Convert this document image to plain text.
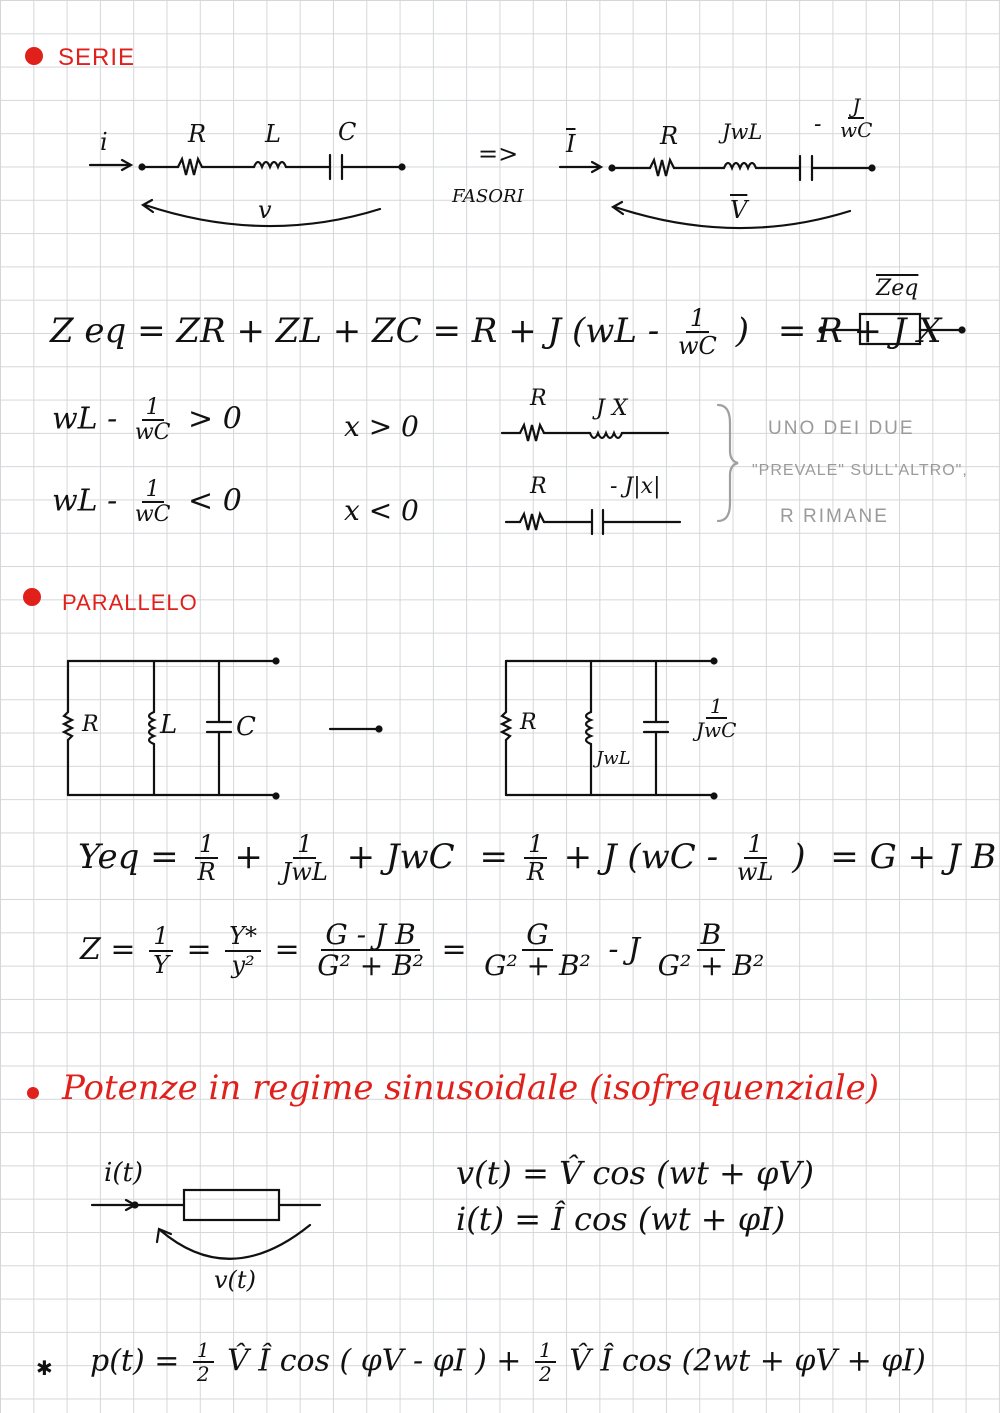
SERIE
i	R L C
v
=>
FASORI
$\overline{I}$	R JwL - $\frac{J}{wC}$
$\overline{V}$
$\overline{Zeq}$
Z eq = ZR + ZL + ZC = R + J ($wL - \frac{1}{wC}$ ) = R + J X
wL - $\frac{1}{wC} > 0$	x > 0
R J X
wL - $\frac{1}{wC} < 0$	x < 0
R	- J|x|
UNO DEI DUE
"PREVALE" SULL'ALTRO",
R RIMANE
PARALLELO
R L C	R
JwL
$\frac{1}{\text{JwC}}$
Yeq = $\frac{1}{R} + \frac{1}{\text{JwL}}$ + JwC = $\frac{1}{R} + J$ ($wC - \frac{1}{wL}$ ) = G + J B
$Z = \frac{1}{Y} = \frac{Y*}{\text{y²}} = \frac{\text{G - J B}}{\text{G² + B²}} = \frac{G}{\text{G² + B²}} - J \frac{B}{\text{G² + B²}}$
Potenze in regime sinusoidale (isofrequenziale)
i(t)
v(t)
v(t) = V̂ cos (wt + φV)
i(t) = Î cos (wt + φI)
✱ $p(t) = \frac{1}{2}$ V̂ Î cos ( φV - φI ) + $\frac{1}{2}$ V̂ Î cos (2wt + φV + φI)
